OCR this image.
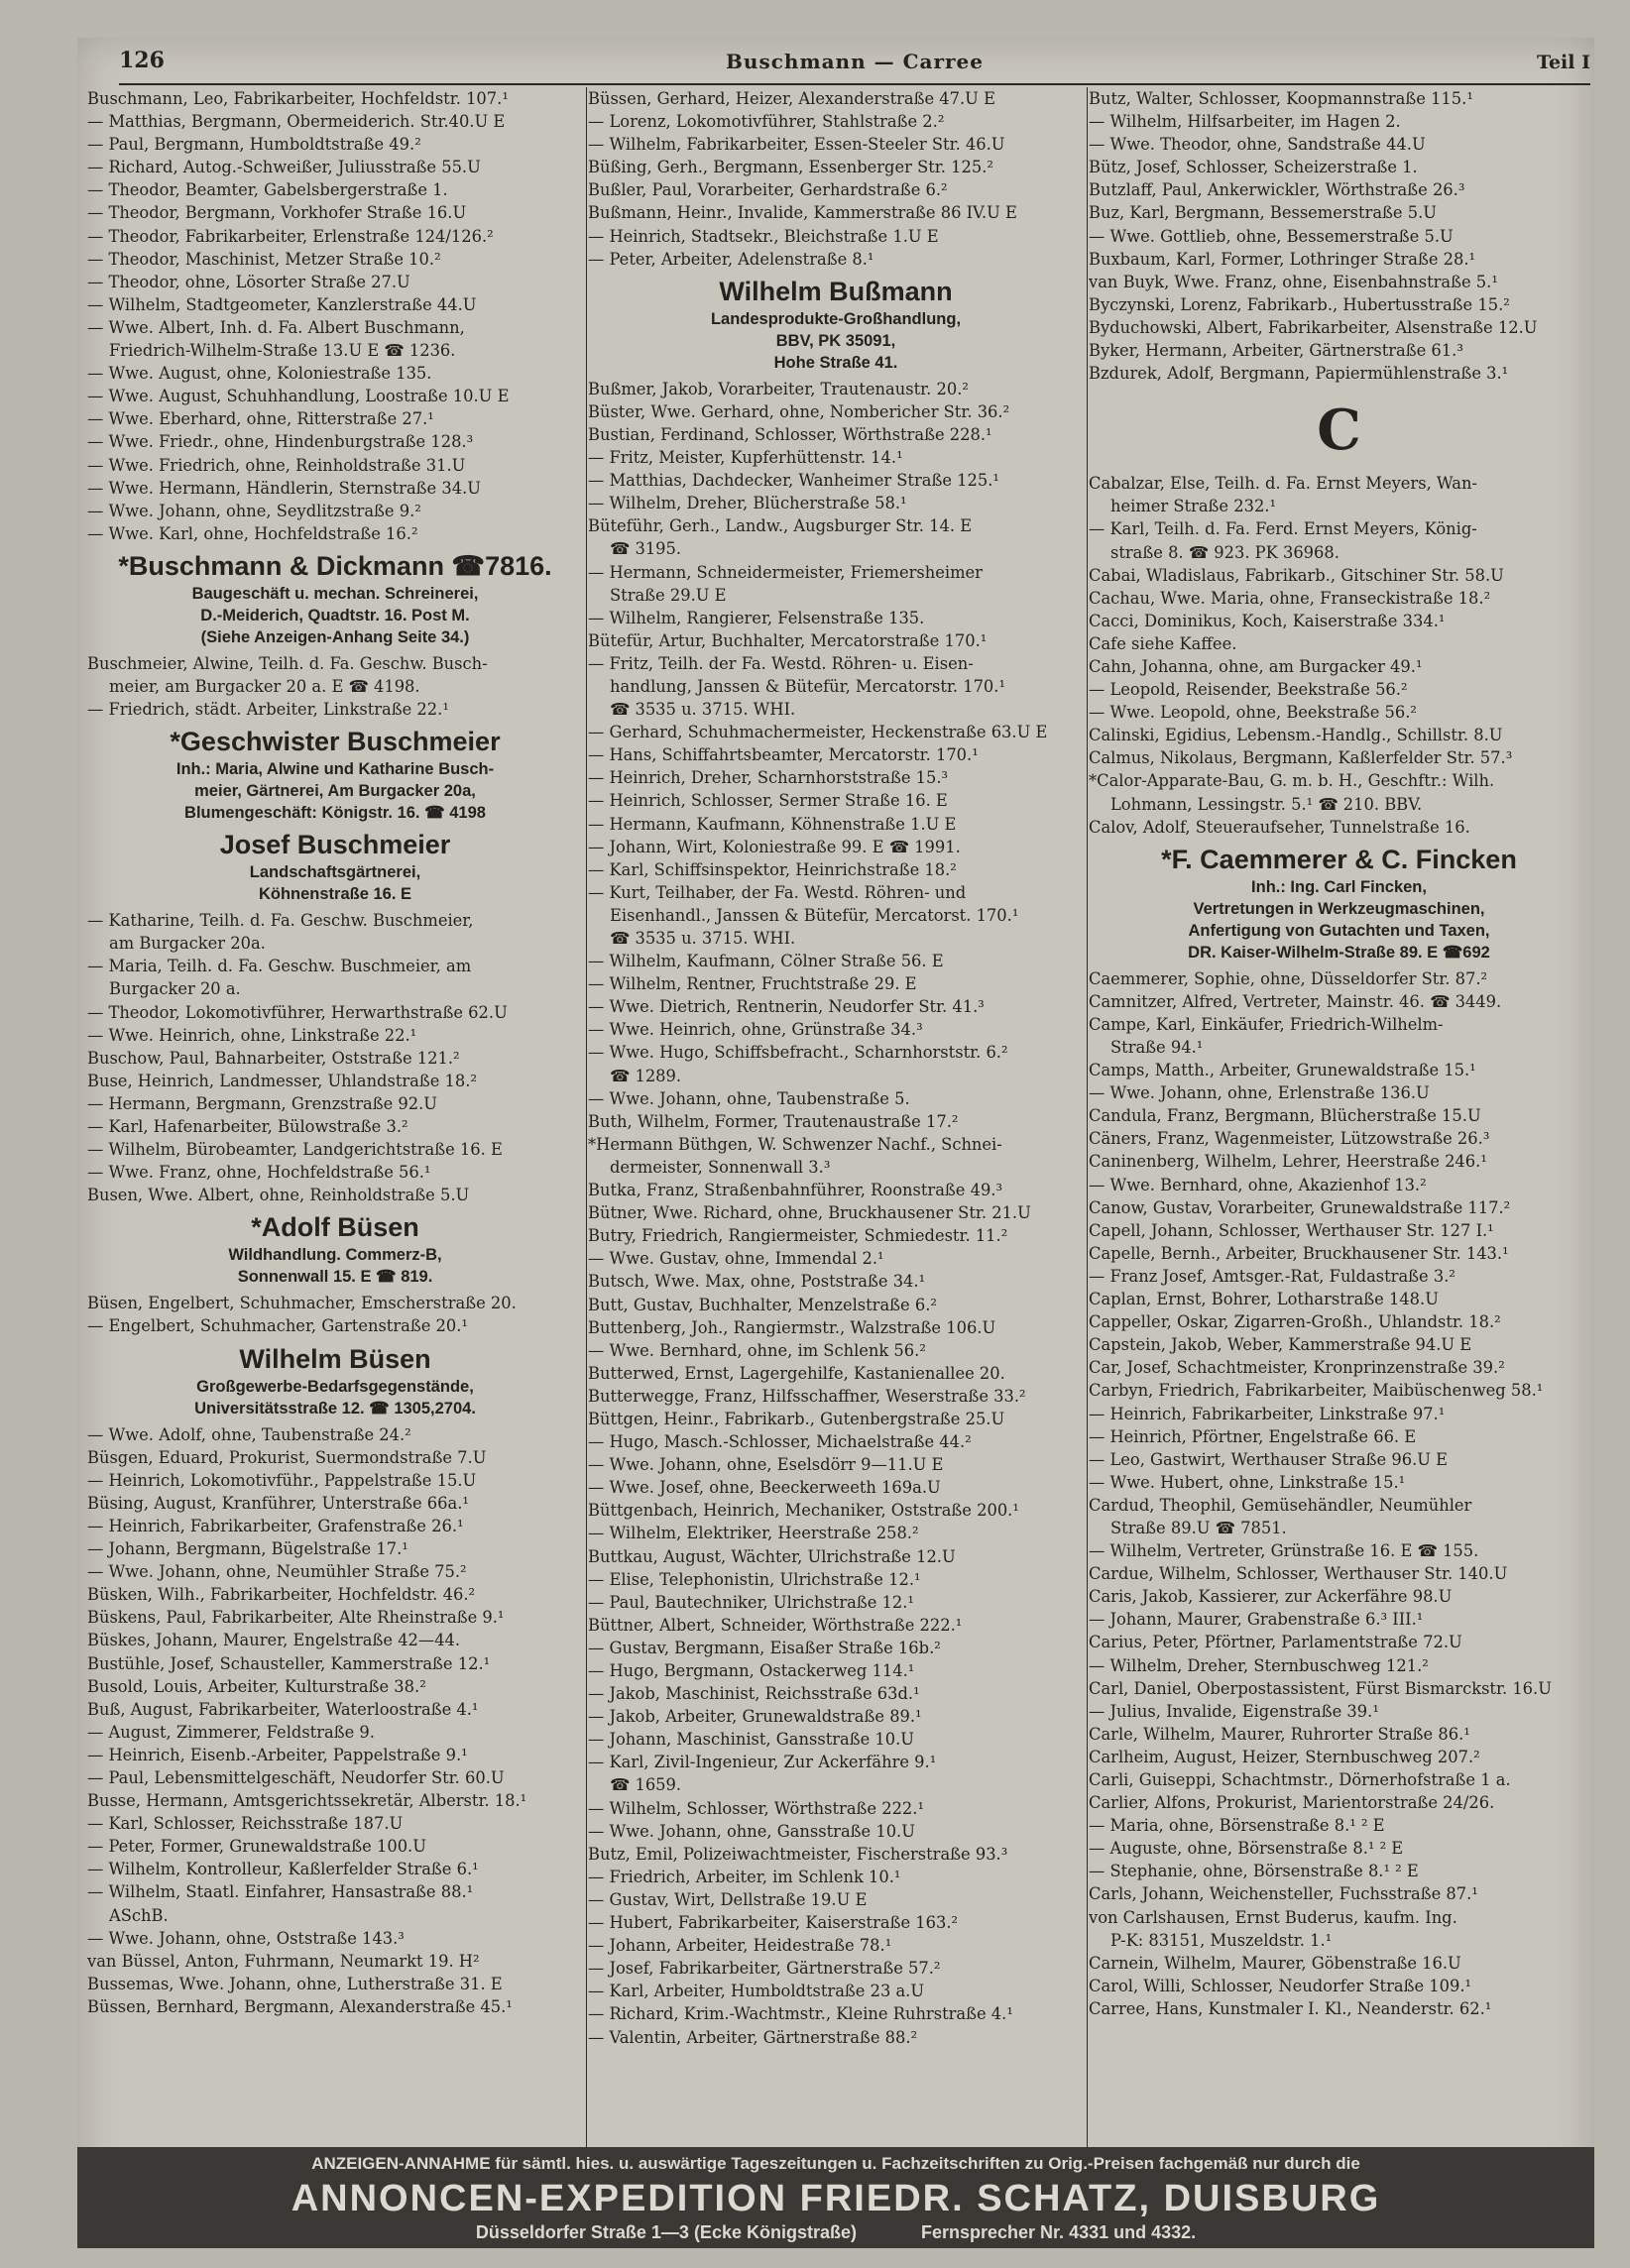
126	Buschmann — Carree	Teil I
Buschmann, Leo, Fabrikarbeiter, Hochfeldstr. 107.¹
— Matthias, Bergmann, Obermeiderich. Str.40.U E
— Paul, Bergmann, Humboldtstraße 49.²
— Richard, Autog.-Schweißer, Juliusstraße 55.U
— Theodor, Beamter, Gabelsbergerstraße 1.
— Theodor, Bergmann, Vorkhofer Straße 16.U
— Theodor, Fabrikarbeiter, Erlenstraße 124/126.²
— Theodor, Maschinist, Metzer Straße 10.²
— Theodor, ohne, Lösorter Straße 27.U
— Wilhelm, Stadtgeometer, Kanzlerstraße 44.U
— Wwe. Albert, Inh. d. Fa. Albert Buschmann,
Friedrich-Wilhelm-Straße 13.U E ☎ 1236.
— Wwe. August, ohne, Koloniestraße 135.
— Wwe. August, Schuhhandlung, Loostraße 10.U E
— Wwe. Eberhard, ohne, Ritterstraße 27.¹
— Wwe. Friedr., ohne, Hindenburgstraße 128.³
— Wwe. Friedrich, ohne, Reinholdstraße 31.U
— Wwe. Hermann, Händlerin, Sternstraße 34.U
— Wwe. Johann, ohne, Seydlitzstraße 9.²
— Wwe. Karl, ohne, Hochfeldstraße 16.²
*Buschmann & Dickmann ☎7816.
Baugeschäft u. mechan. Schreinerei,
D.-Meiderich, Quadtstr. 16. Post M.
(Siehe Anzeigen-Anhang Seite 34.)
Buschmeier, Alwine, Teilh. d. Fa. Geschw. Busch-
meier, am Burgacker 20 a. E ☎ 4198.
— Friedrich, städt. Arbeiter, Linkstraße 22.¹
*Geschwister Buschmeier
Inh.: Maria, Alwine und Katharine Busch-
meier, Gärtnerei, Am Burgacker 20a,
Blumengeschäft: Königstr. 16. ☎ 4198
Josef Buschmeier
Landschaftsgärtnerei,
Köhnenstraße 16. E
— Katharine, Teilh. d. Fa. Geschw. Buschmeier,
am Burgacker 20a.
— Maria, Teilh. d. Fa. Geschw. Buschmeier, am
Burgacker 20 a.
— Theodor, Lokomotivführer, Herwarthstraße 62.U
— Wwe. Heinrich, ohne, Linkstraße 22.¹
Buschow, Paul, Bahnarbeiter, Oststraße 121.²
Buse, Heinrich, Landmesser, Uhlandstraße 18.²
— Hermann, Bergmann, Grenzstraße 92.U
— Karl, Hafenarbeiter, Bülowstraße 3.²
— Wilhelm, Bürobeamter, Landgerichtstraße 16. E
— Wwe. Franz, ohne, Hochfeldstraße 56.¹
Busen, Wwe. Albert, ohne, Reinholdstraße 5.U
*Adolf Büsen
Wildhandlung. Commerz-B,
Sonnenwall 15. E ☎ 819.
Büsen, Engelbert, Schuhmacher, Emscherstraße 20.
— Engelbert, Schuhmacher, Gartenstraße 20.¹
Wilhelm Büsen
Großgewerbe-Bedarfsgegenstände,
Universitätsstraße 12. ☎ 1305,2704.
— Wwe. Adolf, ohne, Taubenstraße 24.²
Büsgen, Eduard, Prokurist, Suermondstraße 7.U
— Heinrich, Lokomotivführ., Pappelstraße 15.U
Büsing, August, Kranführer, Unterstraße 66a.¹
— Heinrich, Fabrikarbeiter, Grafenstraße 26.¹
— Johann, Bergmann, Bügelstraße 17.¹
— Wwe. Johann, ohne, Neumühler Straße 75.²
Büsken, Wilh., Fabrikarbeiter, Hochfeldstr. 46.²
Büskens, Paul, Fabrikarbeiter, Alte Rheinstraße 9.¹
Büskes, Johann, Maurer, Engelstraße 42—44.
Bustühle, Josef, Schausteller, Kammerstraße 12.¹
Busold, Louis, Arbeiter, Kulturstraße 38.²
Buß, August, Fabrikarbeiter, Waterloostraße 4.¹
— August, Zimmerer, Feldstraße 9.
— Heinrich, Eisenb.-Arbeiter, Pappelstraße 9.¹
— Paul, Lebensmittelgeschäft, Neudorfer Str. 60.U
Busse, Hermann, Amtsgerichtssekretär, Alberstr. 18.¹
— Karl, Schlosser, Reichsstraße 187.U
— Peter, Former, Grunewaldstraße 100.U
— Wilhelm, Kontrolleur, Kaßlerfelder Straße 6.¹
— Wilhelm, Staatl. Einfahrer, Hansastraße 88.¹
ASchB.
— Wwe. Johann, ohne, Oststraße 143.³
van Büssel, Anton, Fuhrmann, Neumarkt 19. H²
Bussemas, Wwe. Johann, ohne, Lutherstraße 31. E
Büssen, Bernhard, Bergmann, Alexanderstraße 45.¹
Büssen, Gerhard, Heizer, Alexanderstraße 47.U E
— Lorenz, Lokomotivführer, Stahlstraße 2.²
— Wilhelm, Fabrikarbeiter, Essen-Steeler Str. 46.U
Büßing, Gerh., Bergmann, Essenberger Str. 125.²
Bußler, Paul, Vorarbeiter, Gerhardstraße 6.²
Bußmann, Heinr., Invalide, Kammerstraße 86 IV.U E
— Heinrich, Stadtsekr., Bleichstraße 1.U E
— Peter, Arbeiter, Adelenstraße 8.¹
Wilhelm Bußmann
Landesprodukte-Großhandlung,
BBV, PK 35091,
Hohe Straße 41.
Bußmer, Jakob, Vorarbeiter, Trautenaustr. 20.²
Büster, Wwe. Gerhard, ohne, Nombericher Str. 36.²
Bustian, Ferdinand, Schlosser, Wörthstraße 228.¹
— Fritz, Meister, Kupferhüttenstr. 14.¹
— Matthias, Dachdecker, Wanheimer Straße 125.¹
— Wilhelm, Dreher, Blücherstraße 58.¹
Büteführ, Gerh., Landw., Augsburger Str. 14. E
☎ 3195.
— Hermann, Schneidermeister, Friemersheimer
Straße 29.U E
— Wilhelm, Rangierer, Felsenstraße 135.
Bütefür, Artur, Buchhalter, Mercatorstraße 170.¹
— Fritz, Teilh. der Fa. Westd. Röhren- u. Eisen-
handlung, Janssen & Bütefür, Mercatorstr. 170.¹
☎ 3535 u. 3715. WHI.
— Gerhard, Schuhmachermeister, Heckenstraße 63.U E
— Hans, Schiffahrtsbeamter, Mercatorstr. 170.¹
— Heinrich, Dreher, Scharnhorststraße 15.³
— Heinrich, Schlosser, Sermer Straße 16. E
— Hermann, Kaufmann, Köhnenstraße 1.U E
— Johann, Wirt, Koloniestraße 99. E ☎ 1991.
— Karl, Schiffsinspektor, Heinrichstraße 18.²
— Kurt, Teilhaber, der Fa. Westd. Röhren- und
Eisenhandl., Janssen & Bütefür, Mercatorst. 170.¹
☎ 3535 u. 3715. WHI.
— Wilhelm, Kaufmann, Cölner Straße 56. E
— Wilhelm, Rentner, Fruchtstraße 29. E
— Wwe. Dietrich, Rentnerin, Neudorfer Str. 41.³
— Wwe. Heinrich, ohne, Grünstraße 34.³
— Wwe. Hugo, Schiffsbefracht., Scharnhorststr. 6.²
☎ 1289.
— Wwe. Johann, ohne, Taubenstraße 5.
Buth, Wilhelm, Former, Trautenaustraße 17.²
*Hermann Büthgen, W. Schwenzer Nachf., Schnei-
dermeister, Sonnenwall 3.³
Butka, Franz, Straßenbahnführer, Roonstraße 49.³
Bütner, Wwe. Richard, ohne, Bruckhausener Str. 21.U
Butry, Friedrich, Rangiermeister, Schmiedestr. 11.²
— Wwe. Gustav, ohne, Immendal 2.¹
Butsch, Wwe. Max, ohne, Poststraße 34.¹
Butt, Gustav, Buchhalter, Menzelstraße 6.²
Buttenberg, Joh., Rangiermstr., Walzstraße 106.U
— Wwe. Bernhard, ohne, im Schlenk 56.²
Butterwed, Ernst, Lagergehilfe, Kastanienallee 20.
Butterwegge, Franz, Hilfsschaffner, Weserstraße 33.²
Büttgen, Heinr., Fabrikarb., Gutenbergstraße 25.U
— Hugo, Masch.-Schlosser, Michaelstraße 44.²
— Wwe. Johann, ohne, Eselsdörr 9—11.U E
— Wwe. Josef, ohne, Beeckerweeth 169a.U
Büttgenbach, Heinrich, Mechaniker, Oststraße 200.¹
— Wilhelm, Elektriker, Heerstraße 258.²
Buttkau, August, Wächter, Ulrichstraße 12.U
— Elise, Telephonistin, Ulrichstraße 12.¹
— Paul, Bautechniker, Ulrichstraße 12.¹
Büttner, Albert, Schneider, Wörthstraße 222.¹
— Gustav, Bergmann, Eisaßer Straße 16b.²
— Hugo, Bergmann, Ostackerweg 114.¹
— Jakob, Maschinist, Reichsstraße 63d.¹
— Jakob, Arbeiter, Grunewaldstraße 89.¹
— Johann, Maschinist, Gansstraße 10.U
— Karl, Zivil-Ingenieur, Zur Ackerfähre 9.¹
☎ 1659.
— Wilhelm, Schlosser, Wörthstraße 222.¹
— Wwe. Johann, ohne, Gansstraße 10.U
Butz, Emil, Polizeiwachtmeister, Fischerstraße 93.³
— Friedrich, Arbeiter, im Schlenk 10.¹
— Gustav, Wirt, Dellstraße 19.U E
— Hubert, Fabrikarbeiter, Kaiserstraße 163.²
— Johann, Arbeiter, Heidestraße 78.¹
— Josef, Fabrikarbeiter, Gärtnerstraße 57.²
— Karl, Arbeiter, Humboldtstraße 23 a.U
— Richard, Krim.-Wachtmstr., Kleine Ruhrstraße 4.¹
— Valentin, Arbeiter, Gärtnerstraße 88.²
Butz, Walter, Schlosser, Koopmannstraße 115.¹
— Wilhelm, Hilfsarbeiter, im Hagen 2.
— Wwe. Theodor, ohne, Sandstraße 44.U
Bütz, Josef, Schlosser, Scheizerstraße 1.
Butzlaff, Paul, Ankerwickler, Wörthstraße 26.³
Buz, Karl, Bergmann, Bessemerstraße 5.U
— Wwe. Gottlieb, ohne, Bessemerstraße 5.U
Buxbaum, Karl, Former, Lothringer Straße 28.¹
van Buyk, Wwe. Franz, ohne, Eisenbahnstraße 5.¹
Byczynski, Lorenz, Fabrikarb., Hubertusstraße 15.²
Byduchowski, Albert, Fabrikarbeiter, Alsenstraße 12.U
Byker, Hermann, Arbeiter, Gärtnerstraße 61.³
Bzdurek, Adolf, Bergmann, Papiermühlenstraße 3.¹
C
Cabalzar, Else, Teilh. d. Fa. Ernst Meyers, Wan-
heimer Straße 232.¹
— Karl, Teilh. d. Fa. Ferd. Ernst Meyers, König-
straße 8. ☎ 923. PK 36968.
Cabai, Wladislaus, Fabrikarb., Gitschiner Str. 58.U
Cachau, Wwe. Maria, ohne, Franseckistraße 18.²
Cacci, Dominikus, Koch, Kaiserstraße 334.¹
Cafe siehe Kaffee.
Cahn, Johanna, ohne, am Burgacker 49.¹
— Leopold, Reisender, Beekstraße 56.²
— Wwe. Leopold, ohne, Beekstraße 56.²
Calinski, Egidius, Lebensm.-Handlg., Schillstr. 8.U
Calmus, Nikolaus, Bergmann, Kaßlerfelder Str. 57.³
*Calor-Apparate-Bau, G. m. b. H., Geschftr.: Wilh.
Lohmann, Lessingstr. 5.¹ ☎ 210. BBV.
Calov, Adolf, Steueraufseher, Tunnelstraße 16.
*F. Caemmerer & C. Fincken
Inh.: Ing. Carl Fincken,
Vertretungen in Werkzeugmaschinen,
Anfertigung von Gutachten und Taxen,
DR. Kaiser-Wilhelm-Straße 89. E ☎692
Caemmerer, Sophie, ohne, Düsseldorfer Str. 87.²
Camnitzer, Alfred, Vertreter, Mainstr. 46. ☎ 3449.
Campe, Karl, Einkäufer, Friedrich-Wilhelm-
Straße 94.¹
Camps, Matth., Arbeiter, Grunewaldstraße 15.¹
— Wwe. Johann, ohne, Erlenstraße 136.U
Candula, Franz, Bergmann, Blücherstraße 15.U
Cäners, Franz, Wagenmeister, Lützowstraße 26.³
Caninenberg, Wilhelm, Lehrer, Heerstraße 246.¹
— Wwe. Bernhard, ohne, Akazienhof 13.²
Canow, Gustav, Vorarbeiter, Grunewaldstraße 117.²
Capell, Johann, Schlosser, Werthauser Str. 127 I.¹
Capelle, Bernh., Arbeiter, Bruckhausener Str. 143.¹
— Franz Josef, Amtsger.-Rat, Fuldastraße 3.²
Caplan, Ernst, Bohrer, Lotharstraße 148.U
Cappeller, Oskar, Zigarren-Großh., Uhlandstr. 18.²
Capstein, Jakob, Weber, Kammerstraße 94.U E
Car, Josef, Schachtmeister, Kronprinzenstraße 39.²
Carbyn, Friedrich, Fabrikarbeiter, Maibüschenweg 58.¹
— Heinrich, Fabrikarbeiter, Linkstraße 97.¹
— Heinrich, Pförtner, Engelstraße 66. E
— Leo, Gastwirt, Werthauser Straße 96.U E
— Wwe. Hubert, ohne, Linkstraße 15.¹
Cardud, Theophil, Gemüsehändler, Neumühler
Straße 89.U ☎ 7851.
— Wilhelm, Vertreter, Grünstraße 16. E ☎ 155.
Cardue, Wilhelm, Schlosser, Werthauser Str. 140.U
Caris, Jakob, Kassierer, zur Ackerfähre 98.U
— Johann, Maurer, Grabenstraße 6.³ III.¹
Carius, Peter, Pförtner, Parlamentstraße 72.U
— Wilhelm, Dreher, Sternbuschweg 121.²
Carl, Daniel, Oberpostassistent, Fürst Bismarckstr. 16.U
— Julius, Invalide, Eigenstraße 39.¹
Carle, Wilhelm, Maurer, Ruhrorter Straße 86.¹
Carlheim, August, Heizer, Sternbuschweg 207.²
Carli, Guiseppi, Schachtmstr., Dörnerhofstraße 1 a.
Carlier, Alfons, Prokurist, Marientorstraße 24/26.
— Maria, ohne, Börsenstraße 8.¹ ² E
— Auguste, ohne, Börsenstraße 8.¹ ² E
— Stephanie, ohne, Börsenstraße 8.¹ ² E
Carls, Johann, Weichensteller, Fuchsstraße 87.¹
von Carlshausen, Ernst Buderus, kaufm. Ing.
P-K: 83151, Muszeldstr. 1.¹
Carnein, Wilhelm, Maurer, Göbenstraße 16.U
Carol, Willi, Schlosser, Neudorfer Straße 109.¹
Carree, Hans, Kunstmaler I. Kl., Neanderstr. 62.¹
ANZEIGEN-ANNAHME für sämtl. hies. u. auswärtige Tageszeitungen u. Fachzeitschriften zu Orig.-Preisen fachgemäß nur durch die
ANNONCEN-EXPEDITION FRIEDR. SCHATZ, DUISBURG
Düsseldorfer Straße 1—3 (Ecke Königstraße)	Fernsprecher Nr. 4331 und 4332.
